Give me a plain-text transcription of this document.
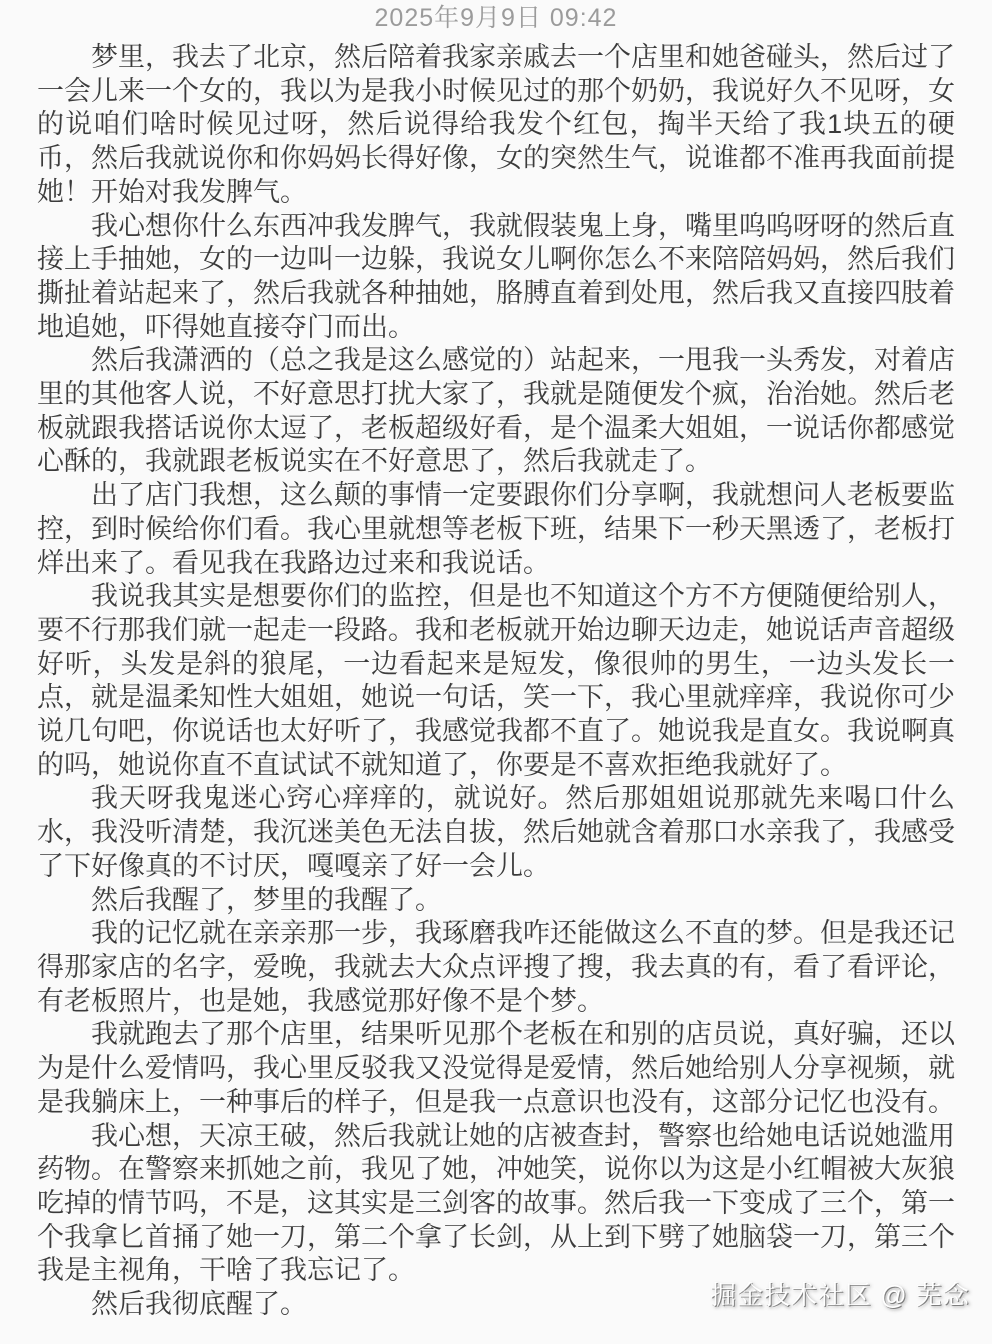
2025年9月9日 09:42

梦里，我去了北京，然后陪着我家亲戚去一个店里和她爸碰头，然后过了一会儿来一个女的，我以为是我小时候见过的那个奶奶，我说好久不见呀，女的说咱们啥时候见过呀，然后说得给我发个红包，掏半天给了我1块五的硬币，然后我就说你和你妈妈长得好像，女的突然生气，说谁都不准再我面前提她！开始对我发脾气。

我心想你什么东西冲我发脾气，我就假装鬼上身，嘴里呜呜呀呀的然后直接上手抽她，女的一边叫一边躲，我说女儿啊你怎么不来陪陪妈妈，然后我们撕扯着站起来了，然后我就各种抽她，胳膊直着到处甩，然后我又直接四肢着地追她，吓得她直接夺门而出。

然后我潇洒的（总之我是这么感觉的）站起来，一甩我一头秀发，对着店里的其他客人说，不好意思打扰大家了，我就是随便发个疯，治治她。然后老板就跟我搭话说你太逗了，老板超级好看，是个温柔大姐姐，一说话你都感觉心酥的，我就跟老板说实在不好意思了，然后我就走了。

出了店门我想，这么颠的事情一定要跟你们分享啊，我就想问人老板要监控，到时候给你们看。我心里就想等老板下班，结果下一秒天黑透了，老板打烊出来了。看见我在我路边过来和我说话。

我说我其实是想要你们的监控，但是也不知道这个方不方便随便给别人，要不行那我们就一起走一段路。我和老板就开始边聊天边走，她说话声音超级好听，头发是斜的狼尾，一边看起来是短发，像很帅的男生，一边头发长一点，就是温柔知性大姐姐，她说一句话，笑一下，我心里就痒痒，我说你可少说几句吧，你说话也太好听了，我感觉我都不直了。她说我是直女。我说啊真的吗，她说你直不直试试不就知道了，你要是不喜欢拒绝我就好了。

我天呀我鬼迷心窍心痒痒的，就说好。然后那姐姐说那就先来喝口什么水，我没听清楚，我沉迷美色无法自拔，然后她就含着那口水亲我了，我感受了下好像真的不讨厌，嘎嘎亲了好一会儿。

然后我醒了，梦里的我醒了。

我的记忆就在亲亲那一步，我琢磨我咋还能做这么不直的梦。但是我还记得那家店的名字，爱晚，我就去大众点评搜了搜，我去真的有，看了看评论，有老板照片，也是她，我感觉那好像不是个梦。

我就跑去了那个店里，结果听见那个老板在和别的店员说，真好骗，还以为是什么爱情吗，我心里反驳我又没觉得是爱情，然后她给别人分享视频，就是我躺床上，一种事后的样子，但是我一点意识也没有，这部分记忆也没有。

我心想，天凉王破，然后我就让她的店被查封，警察也给她电话说她滥用药物。在警察来抓她之前，我见了她，冲她笑，说你以为这是小红帽被大灰狼吃掉的情节吗，不是，这其实是三剑客的故事。然后我一下变成了三个，第一个我拿匕首捅了她一刀，第二个拿了长剑，从上到下劈了她脑袋一刀，第三个我是主视角，干啥了我忘记了。

然后我彻底醒了。	掘金技术社区 @ 芜念
